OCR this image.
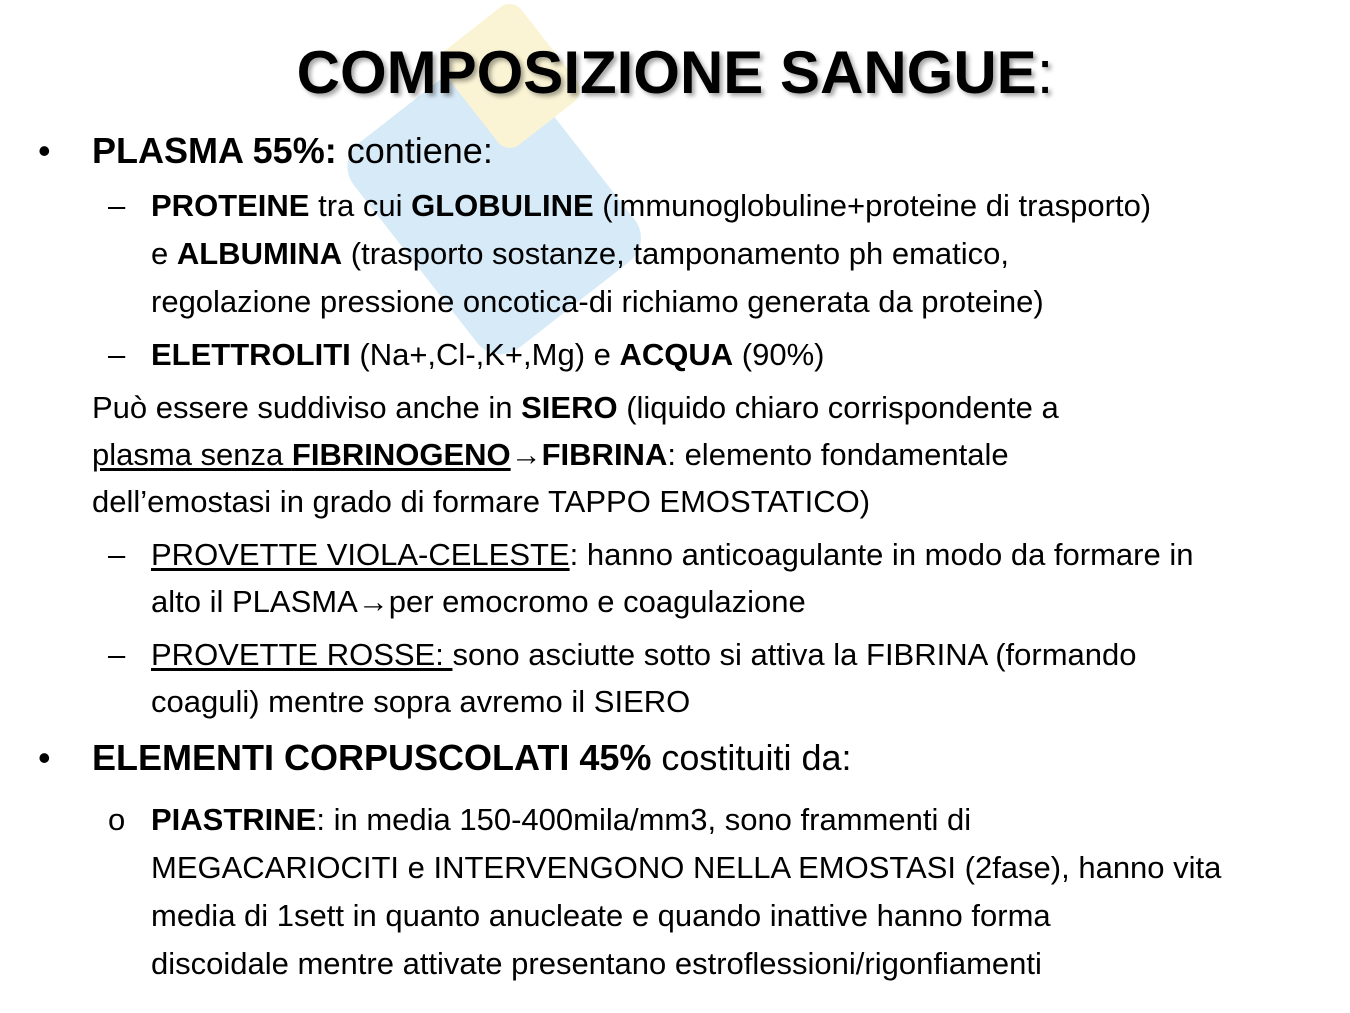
COMPOSIZIONE SANGUE:
• PLASMA 55%: contiene:
– PROTEINE tra cui GLOBULINE (immunoglobuline+proteine di trasporto)
e ALBUMINA (trasporto sostanze, tamponamento ph ematico,
regolazione pressione oncotica-di richiamo generata da proteine)
– ELETTROLITI (Na+,Cl-,K+,Mg) e ACQUA (90%)
Può essere suddiviso anche in SIERO (liquido chiaro corrispondente a
plasma senza FIBRINOGENO→FIBRINA: elemento fondamentale
dell’emostasi in grado di formare TAPPO EMOSTATICO)
– PROVETTE VIOLA-CELESTE: hanno anticoagulante in modo da formare in
alto il PLASMA→per emocromo e coagulazione
– PROVETTE ROSSE: sono asciutte sotto si attiva la FIBRINA (formando
coaguli) mentre sopra avremo il SIERO
• ELEMENTI CORPUSCOLATI 45% costituiti da:
o PIASTRINE: in media 150-400mila/mm3, sono frammenti di
MEGACARIOCITI e INTERVENGONO NELLA EMOSTASI (2fase), hanno vita
media di 1sett in quanto anucleate e quando inattive hanno forma
discoidale mentre attivate presentano estroflessioni/rigonfiamenti
